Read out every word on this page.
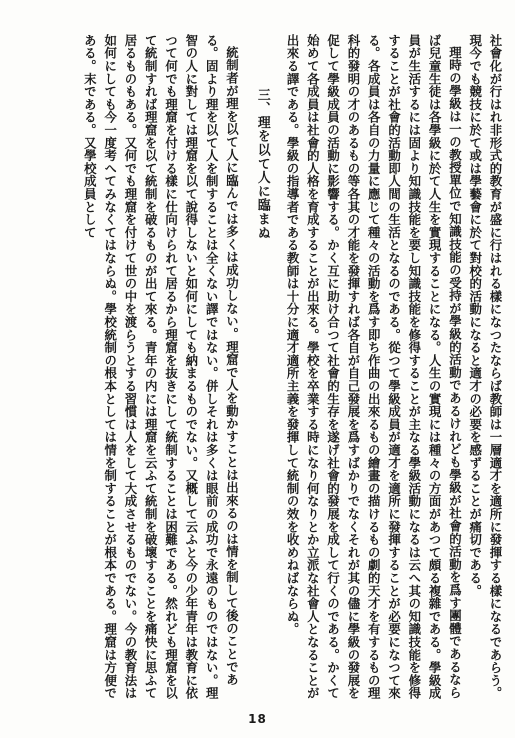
社會化が行はれ非形式的教育が盛に行はれる樣になつたならば教師は一層適才を適所に發揮する樣になるであらう。現今でも競技に於て或は學藝會に於て對校的活動になると適才の必要を感ずることが痛切である。

理時の學級は一の教授單位で知識技能の受持が學級的活動であるけれども學級が社會的活動を爲す團體であるならば兒童生徒は各學級に於て人生を實現することになる。人生の實現には種々の方面があつて頗る複雜である。學級成員が生活するには固より知識技能を要し知識技能を修得することが主なる學級活動になるは云へ其の知識技能を修得することが社會的活動即人間の生活となるのである。從つて學級成員が適才を適所に發揮することが必要になつて來る。各成員は各自の力量に應じて種々の活動を爲す即ち作曲の出來るもの繪畫の描けるもの劇的天才を有するもの理科的發明の才のあるもの等各其の才能を發揮すれば各自が自己發展を爲すばかりでなくそれが其の儘に學級の發展を促して學級成員の活動に影響する。かく互に助け合つて社會的生存を遂げ社會的發展を成して行くのである。かくて始めて各成員は社會的人格を育成することが出來る。學校を卒業する時になり何なりとか立派な社會人となることが出來る譯である。學級の指導者である教師は十分に適才適所主義を發揮して統制の效を收めねばならぬ。

三、理を以て人に臨まぬ

統制者が理を以て人に臨んでは多くは成功しない。理窟で人を動かすことは出來るのは情を制して後のことである。固より理を以て人を制することは全くない譯ではない。併しそれは多くは眼前の成功で永遠のものではない。理智の人に對しては理窟を以て說得しないと如何にしても納まるものでない。又概して云ふと今の少年青年は教育に依つて何でも理窟を付ける樣に仕向けられて居るから理窟を抜きにして統制することは困難である。然れども理窟を以て統制すれば理窟を以て統制を破るものが出て來る。青年の内には理窟を云ふて統制を破壞することを痛快に思ふて居るものもある。又何でも理窟を付けて世の中を渡らうとする習慣は人をして大成させるものでない。今の教育法は如何にしても今一度考へてみなくてはならぬ。學校統制の根本としては情を制することが根本である。理窟は方便である。末である。又學校成員として

18
